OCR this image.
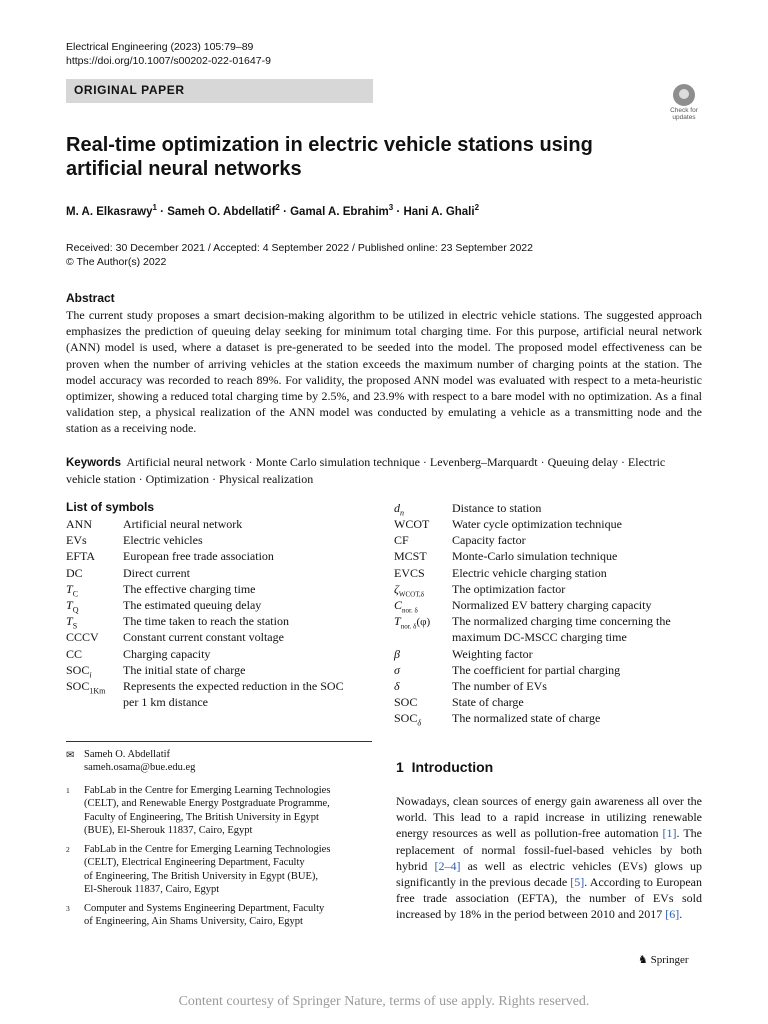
Electrical Engineering (2023) 105:79–89
https://doi.org/10.1007/s00202-022-01647-9
ORIGINAL PAPER
Check for
updates
Real-time optimization in electric vehicle stations using artificial neural networks
M. A. Elkasrawy$^1$ · Sameh O. Abdellatif$^2$ · Gamal A. Ebrahim$^3$ · Hani A. Ghali$^2$
Received: 30 December 2021 / Accepted: 4 September 2022 / Published online: 23 September 2022
© The Author(s) 2022
Abstract
The current study proposes a smart decision-making algorithm to be utilized in electric vehicle stations. The suggested approach emphasizes the prediction of queuing delay seeking for minimum total charging time. For this purpose, artificial neural network (ANN) model is used, where a dataset is pre-generated to be seeded into the model. The proposed model effectiveness can be proven when the number of arriving vehicles at the station exceeds the maximum number of charging points at the station. The model accuracy was recorded to reach 89%. For validity, the proposed ANN model was evaluated with respect to a meta-heuristic optimizer, showing a reduced total charging time by 2.5%, and 23.9% with respect to a bare model with no optimization. As a final validation step, a physical realization of the ANN model was conducted by emulating a vehicle as a transmitting node and the station as a receiving node.
Keywords Artificial neural network · Monte Carlo simulation technique · Levenberg–Marquardt · Queuing delay · Electric vehicle station · Optimization · Physical realization
List of symbols
ANN	Artificial neural network
EVs	Electric vehicles
EFTA	European free trade association
DC	Direct current
$T_C$	The effective charging time
$T_Q$	The estimated queuing delay
$T_S$	The time taken to reach the station
CCCV	Constant current constant voltage
CC	Charging capacity
$SOC_i$	The initial state of charge
$SOC_{1Km}$	Represents the expected reduction in the SOC
per 1 km distance
$d_n$	Distance to station
WCOT	Water cycle optimization technique
CF	Capacity factor
MCST	Monte-Carlo simulation technique
EVCS	Electric vehicle charging station
$\zeta_{WCOT,\delta}$	The optimization factor
$C_{nor. \delta}$	Normalized EV battery charging capacity
$T_{nor. \delta}(\varphi)$	The normalized charging time concerning the
maximum DC-MSCC charging time
β	Weighting factor
σ	The coefficient for partial charging
δ	The number of EVs
SOC	State of charge
$SOC_\delta$	The normalized state of charge
✉ Sameh O. Abdellatif
sameh.osama@bue.edu.eg
1 FabLab in the Centre for Emerging Learning Technologies
(CELT), and Renewable Energy Postgraduate Programme,
Faculty of Engineering, The British University in Egypt
(BUE), El-Sherouk 11837, Cairo, Egypt
2 FabLab in the Centre for Emerging Learning Technologies
(CELT), Electrical Engineering Department, Faculty
of Engineering, The British University in Egypt (BUE),
El-Sherouk 11837, Cairo, Egypt
3 Computer and Systems Engineering Department, Faculty
of Engineering, Ain Shams University, Cairo, Egypt
1 Introduction
Nowadays, clean sources of energy gain awareness all over the world. This lead to a rapid increase in utilizing renewable energy resources as well as pollution-free automation [1]. The replacement of normal fossil-fuel-based vehicles by both hybrid [2–4] as well as electric vehicles (EVs) glows up significantly in the previous decade [5]. According to European free trade association (EFTA), the number of EVs sold increased by 18% in the period between 2010 and 2017 [6].
♞ Springer
Content courtesy of Springer Nature, terms of use apply. Rights reserved.
